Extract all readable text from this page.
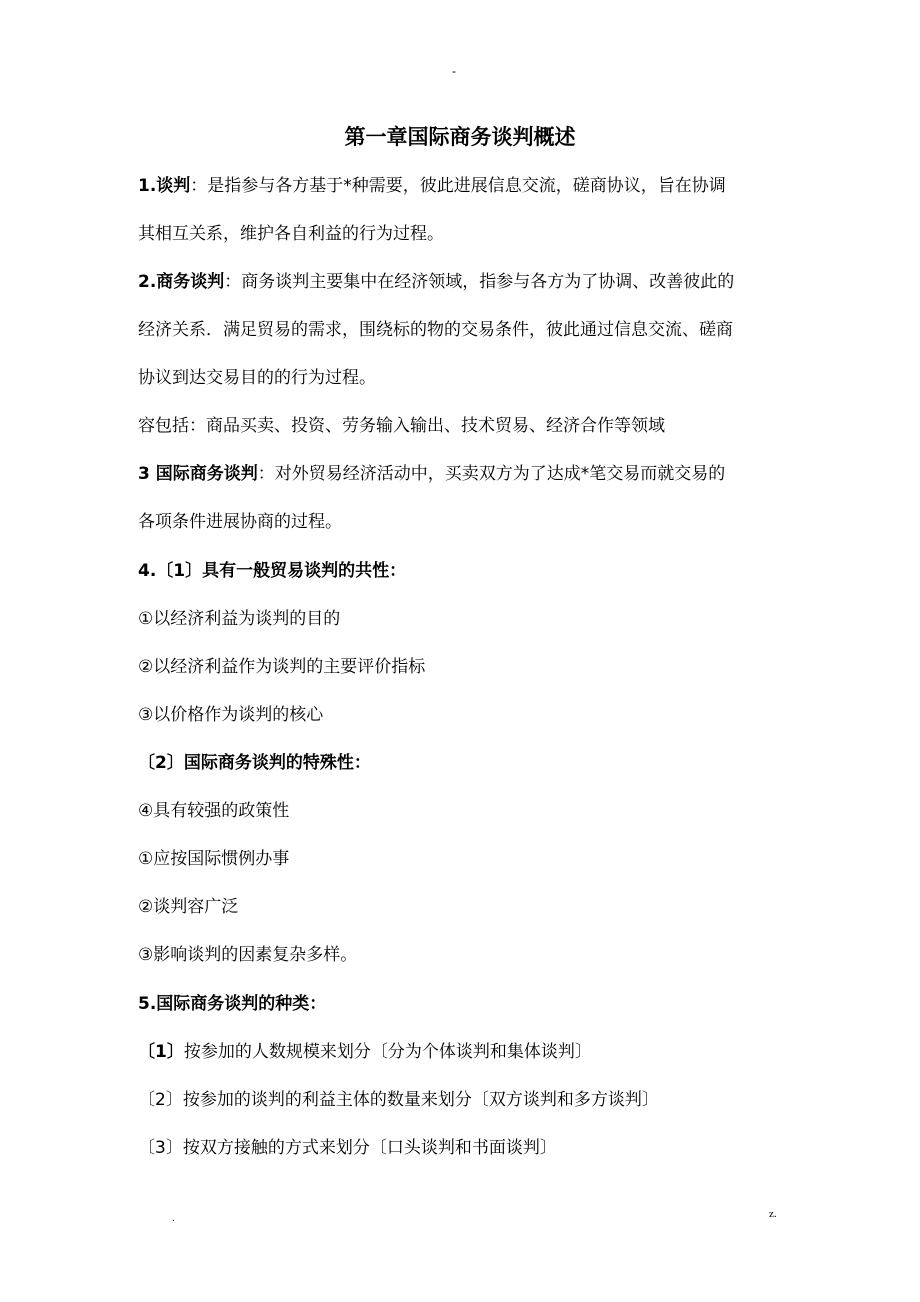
-
第一章国际商务谈判概述
1.谈判：是指参与各方基于*种需要，彼此进展信息交流，磋商协议，旨在协调
其相互关系，维护各自利益的行为过程。
2.商务谈判：商务谈判主要集中在经济领域，指参与各方为了协调、改善彼此的
经济关系．满足贸易的需求，围绕标的物的交易条件，彼此通过信息交流、磋商
协议到达交易目的的行为过程。
容包括：商品买卖、投资、劳务输入输出、技术贸易、经济合作等领域
3 国际商务谈判：对外贸易经济活动中，买卖双方为了达成*笔交易而就交易的
各项条件进展协商的过程。
4.〔1〕具有一般贸易谈判的共性：
①以经济利益为谈判的目的
②以经济利益作为谈判的主要评价指标
③以价格作为谈判的核心
〔2〕国际商务谈判的特殊性：
④具有较强的政策性
①应按国际惯例办事
②谈判容广泛
③影响谈判的因素复杂多样。
5.国际商务谈判的种类：
〔1〕按参加的人数规模来划分〔分为个体谈判和集体谈判〕
〔2〕按参加的谈判的利益主体的数量来划分〔双方谈判和多方谈判〕
〔3〕按双方接触的方式来划分〔口头谈判和书面谈判〕
.	z.
